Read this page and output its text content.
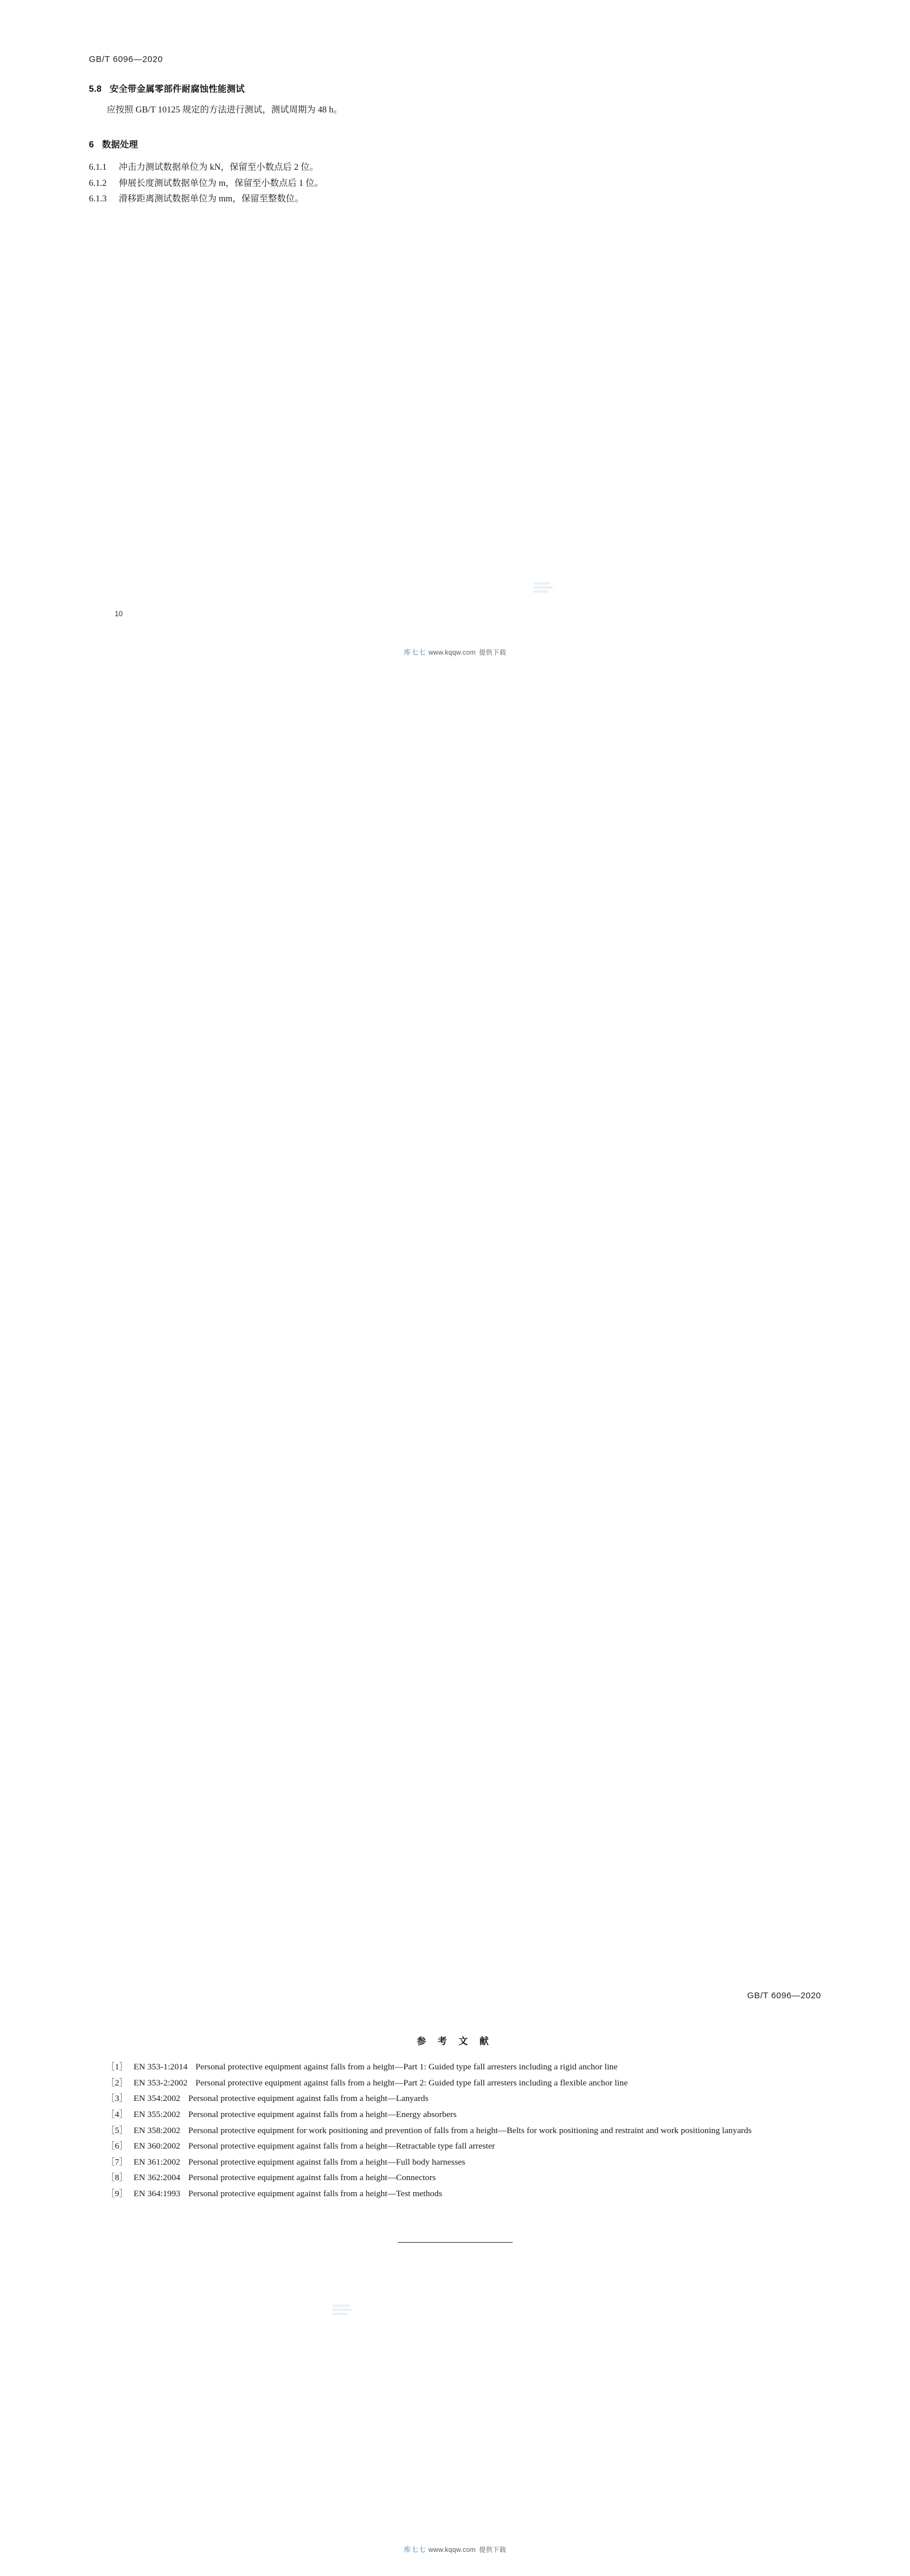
GB/T 6096—2020
5.8 安全带金属零部件耐腐蚀性能测试

应按照 GB/T 10125 规定的方法进行测试，测试周期为 48 h。

6 数据处理

6.1.1 冲击力测试数据单位为 kN，保留至小数点后 2 位。

6.1.2 伸展长度测试数据单位为 m，保留至小数点后 1 位。

6.1.3 滑移距离测试数据单位为 mm，保留至整数位。

10
库七七 www.kqqw.com 提供下载
GB/T 6096—2020
参 考 文 献

［1］ EN 353-1:2014 Personal protective equipment against falls from a height—Part 1: Guided type fall arresters including a rigid anchor line

［2］ EN 353-2:2002 Personal protective equipment against falls from a height—Part 2: Guided type fall arresters including a flexible anchor line

［3］ EN 354:2002 Personal protective equipment against falls from a height—Lanyards

［4］ EN 355:2002 Personal protective equipment against falls from a height—Energy absorbers

［5］ EN 358:2002 Personal protective equipment for work positioning and prevention of falls from a height—Belts for work positioning and restraint and work positioning lanyards

［6］ EN 360:2002 Personal protective equipment against falls from a height—Retractable type fall arrester

［7］ EN 361:2002 Personal protective equipment against falls from a height—Full body harnesses

［8］ EN 362:2004 Personal protective equipment against falls from a height—Connectors

［9］ EN 364:1993 Personal protective equipment against falls from a height—Test methods

库七七 www.kqqw.com 提供下载
